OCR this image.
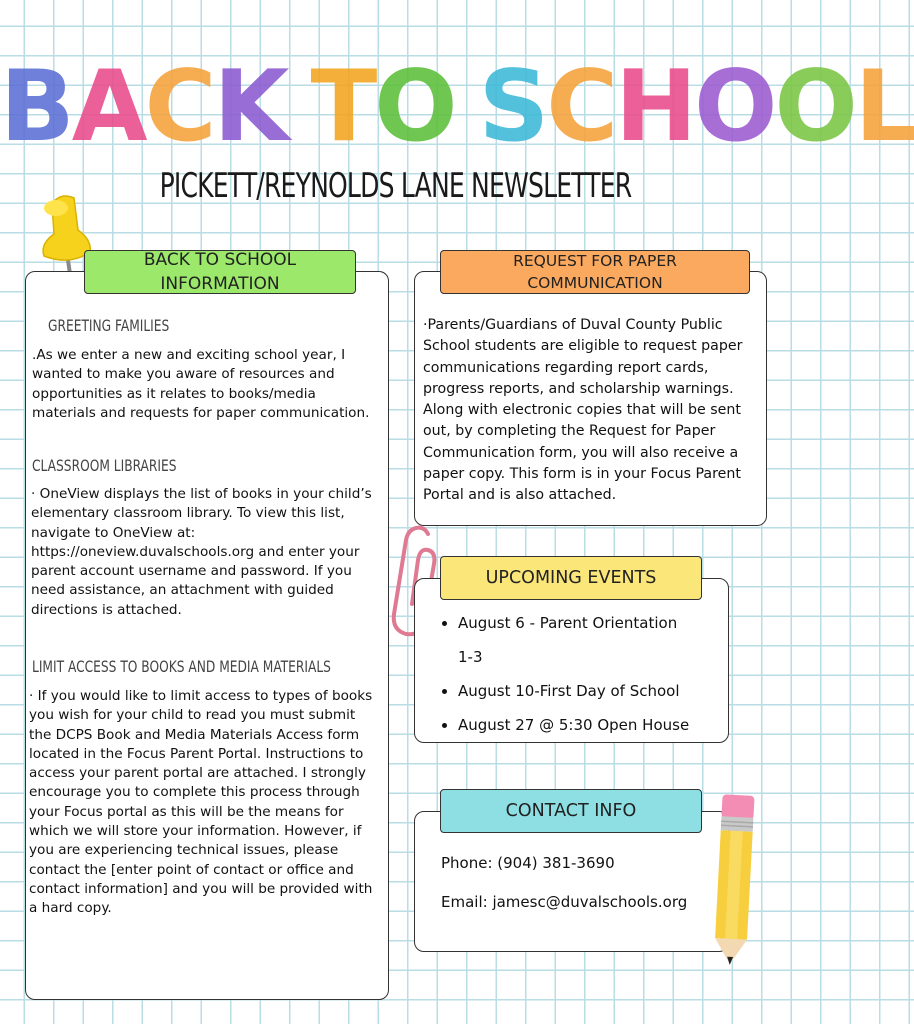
BACK TO SCHOOL
PICKETT/REYNOLDS LANE NEWSLETTER
BACK TO SCHOOL
INFORMATION
GREETING FAMILIES
.As we enter a new and exciting school year, I wanted to make you aware of resources and opportunities as it relates to books/media materials and requests for paper communication.
CLASSROOM LIBRARIES
· OneView displays the list of books in your child’s elementary classroom library. To view this list, navigate to OneView at: https://oneview.duvalschools.org and enter your parent account username and password. If you need assistance, an attachment with guided directions is attached.
LIMIT ACCESS TO BOOKS AND MEDIA MATERIALS
· If you would like to limit access to types of books you wish for your child to read you must submit the DCPS Book and Media Materials Access form located in the Focus Parent Portal. Instructions to access your parent portal are attached. I strongly encourage you to complete this process through your Focus portal as this will be the means for which we will store your information. However, if you are experiencing technical issues, please contact the [enter point of contact or office and contact information] and you will be provided with a hard copy.
REQUEST FOR PAPER
COMMUNICATION
·Parents/Guardians of Duval County Public School students are eligible to request paper communications regarding report cards, progress reports, and scholarship warnings. Along with electronic copies that will be sent out, by completing the Request for Paper Communication form, you will also receive a paper copy. This form is in your Focus Parent Portal and is also attached.
UPCOMING EVENTS
• August 6 - Parent Orientation 1-3
• August 10-First Day of School
• August 27 @ 5:30 Open House
CONTACT INFO
Phone: (904) 381-3690
Email: jamesc@duvalschools.org
